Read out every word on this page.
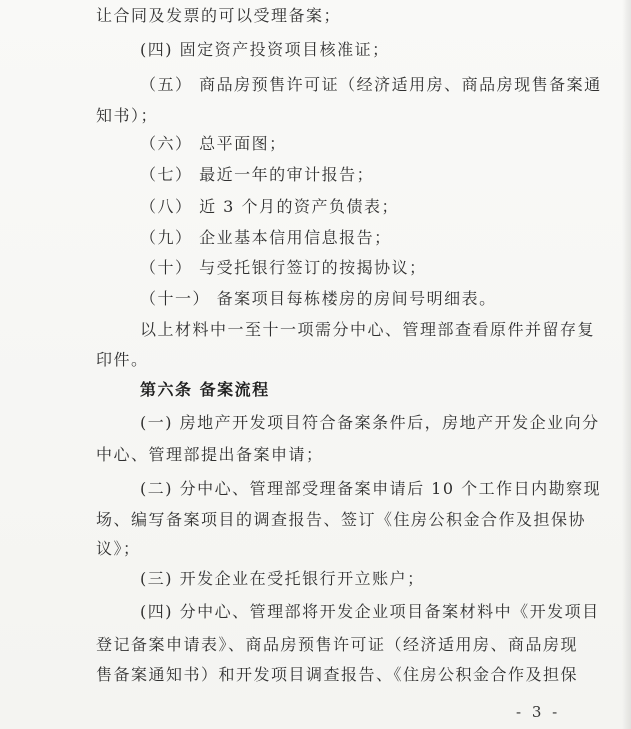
让合同及发票的可以受理备案；
(四) 固定资产投资项目核准证；
（五） 商品房预售许可证（经济适用房、商品房现售备案通
知书）；
（六） 总平面图；
（七） 最近一年的审计报告；
（八） 近 3 个月的资产负债表；
（九） 企业基本信用信息报告；
（十） 与受托银行签订的按揭协议；
（十一） 备案项目每栋楼房的房间号明细表。
以上材料中一至十一项需分中心、管理部查看原件并留存复
印件。
第六条 备案流程
(一) 房地产开发项目符合备案条件后，房地产开发企业向分
中心、管理部提出备案申请；
(二) 分中心、管理部受理备案申请后 10 个工作日内勘察现
场、编写备案项目的调查报告、签订《住房公积金合作及担保协
议》；
(三) 开发企业在受托银行开立账户；
(四) 分中心、管理部将开发企业项目备案材料中《开发项目
登记备案申请表》、商品房预售许可证（经济适用房、商品房现
售备案通知书）和开发项目调查报告、《住房公积金合作及担保
- 3 -
